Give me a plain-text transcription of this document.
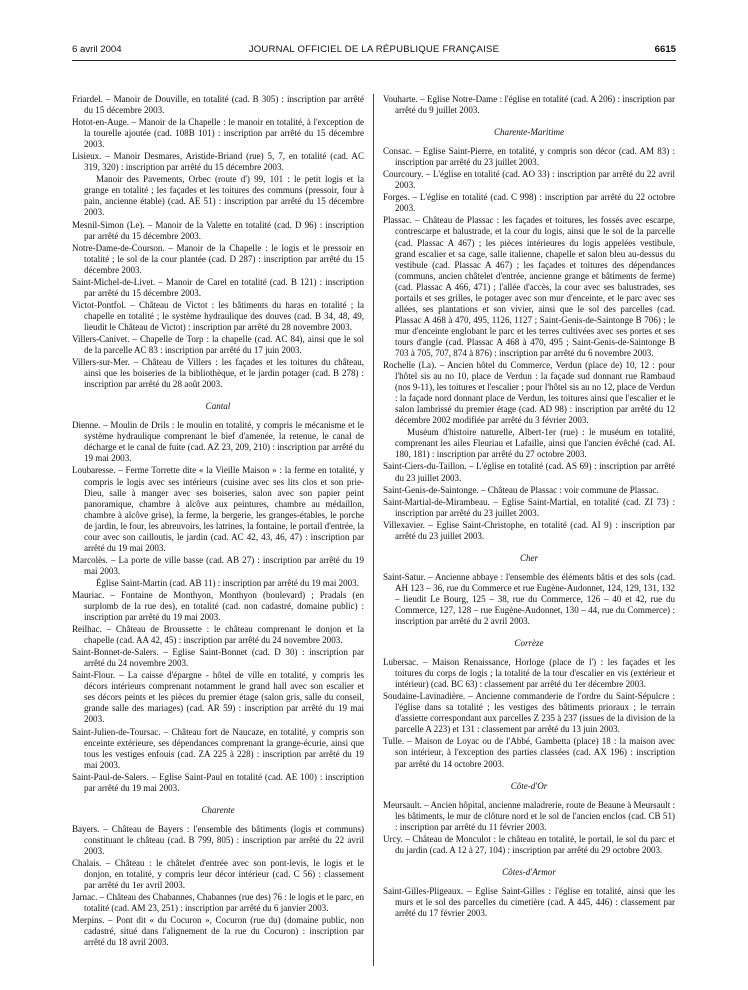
6 avril 2004	JOURNAL OFFICIEL DE LA RÉPUBLIQUE FRANÇAISE	6615

Friardel. – Manoir de Douville, en totalité (cad. B 305) : inscription par arrêté du 15 décembre 2003.

Hotot-en-Auge. – Manoir de la Chapelle : le manoir en totalité, à l'exception de la tourelle ajoutée (cad. 108B 101) : inscription par arrêté du 15 décembre 2003.

Lisieux. – Manoir Desmares, Aristide-Briand (rue) 5, 7, en totalité (cad. AC 319, 320) : inscription par arrêté du 15 décembre 2003.

Manoir des Pavements, Orbec (route d') 99, 101 : le petit logis et la grange en totalité ; les façades et les toitures des communs (pressoir, four à pain, ancienne étable) (cad. AE 51) : inscription par arrêté du 15 décembre 2003.

Mesnil-Simon (Le). – Manoir de la Valette en totalité (cad. D 96) : inscription par arrêté du 15 décembre 2003.

Notre-Dame-de-Courson. – Manoir de la Chapelle : le logis et le pressoir en totalité ; le sol de la cour plantée (cad. D 287) : inscription par arrêté du 15 décembre 2003.

Saint-Michel-de-Livet. – Manoir de Carel en totalité (cad. B 121) : inscription par arrêté du 15 décembre 2003.

Victot-Pontfol. – Château de Victot : les bâtiments du haras en totalité ; la chapelle en totalité ; le système hydraulique des douves (cad. B 34, 48, 49, lieudit le Château de Victot) : inscription par arrêté du 28 novembre 2003.

Villers-Canivet. – Chapelle de Torp : la chapelle (cad. AC 84), ainsi que le sol de la parcelle AC 83 : inscription par arrêté du 17 juin 2003.

Villers-sur-Mer. – Château de Villers : les façades et les toitures du château, ainsi que les boiseries de la bibliothèque, et le jardin potager (cad. B 278) : inscription par arrêté du 28 août 2003.

Cantal

Dienne. – Moulin de Drils : le moulin en totalité, y compris le mécanisme et le système hydraulique comprenant le bief d'amenée, la retenue, le canal de décharge et le canal de fuite (cad. AZ 23, 209, 210) : inscription par arrêté du 19 mai 2003.

Loubaresse. – Ferme Torrette dite « la Vieille Maison » : la ferme en totalité, y compris le logis avec ses intérieurs (cuisine avec ses lits clos et son prie-Dieu, salle à manger avec ses boiseries, salon avec son papier peint panoramique, chambre à alcôve aux peintures, chambre au médaillon, chambre à alcôve grise), la ferme, la bergerie, les granges-étables, le porche de jardin, le four, les abreuvoirs, les latrines, la fontaine, le portail d'entrée, la cour avec son cailloutis, le jardin (cad. AC 42, 43, 46, 47) : inscription par arrêté du 19 mai 2003.

Marcolès. – La porte de ville basse (cad. AB 27) : inscription par arrêté du 19 mai 2003.

Église Saint-Martin (cad. AB 11) : inscription par arrêté du 19 mai 2003.

Mauriac. – Fontaine de Monthyon, Monthyon (boulevard) ; Pradals (en surplomb de la rue des), en totalité (cad. non cadastré, domaine public) : inscription par arrêté du 19 mai 2003.

Reilhac. – Château de Broussette : le château comprenant le donjon et la chapelle (cad. AA 42, 45) : inscription par arrêté du 24 novembre 2003.

Saint-Bonnet-de-Salers. – Eglise Saint-Bonnet (cad. D 30) : inscription par arrêté du 24 novembre 2003.

Saint-Flour. – La caisse d'épargne - hôtel de ville en totalité, y compris les décors intérieurs comprenant notamment le grand hall avec son escalier et ses décors peints et les pièces du premier étage (salon gris, salle du conseil, grande salle des mariages) (cad. AR 59) : inscription par arrêté du 19 mai 2003.

Saint-Julien-de-Toursac. – Château fort de Naucaze, en totalité, y compris son enceinte extérieure, ses dépendances comprenant la grange-écurie, ainsi que tous les vestiges enfouis (cad. ZA 225 à 228) : inscription par arrêté du 19 mai 2003.

Saint-Paul-de-Salers. – Eglise Saint-Paul en totalité (cad. AE 100) : inscription par arrêté du 19 mai 2003.

Charente

Bayers. – Château de Bayers : l'ensemble des bâtiments (logis et communs) constituant le château (cad. B 799, 805) : inscription par arrêté du 22 avril 2003.

Chalais. – Château : le châtelet d'entrée avec son pont-levis, le logis et le donjon, en totalité, y compris leur décor intérieur (cad. C 56) : classement par arrêté du 1er avril 2003.

Jarnac. – Château des Chabannes, Chabannes (rue des) 76 : le logis et le parc, en totalité (cad. AM 23, 251) : inscription par arrêté du 6 janvier 2003.

Merpins. – Pont dit « du Cocuron », Cocuron (rue du) (domaine public, non cadastré, situé dans l'alignement de la rue du Cocuron) : inscription par arrêté du 18 avril 2003.

Vouharte. – Eglise Notre-Dame : l'église en totalité (cad. A 206) : inscription par arrêté du 9 juillet 2003.

Charente-Maritime

Consac. – Eglise Saint-Pierre, en totalité, y compris son décor (cad. AM 83) : inscription par arrêté du 23 juillet 2003.

Courcoury. – L'église en totalité (cad. AO 33) : inscription par arrêté du 22 avril 2003.

Forges. – L'église en totalité (cad. C 998) : inscription par arrêté du 22 octobre 2003.

Plassac. – Château de Plassac : les façades et toitures, les fossés avec escarpe, contrescarpe et balustrade, et la cour du logis, ainsi que le sol de la parcelle (cad. Plassac A 467) ; les pièces intérieures du logis appelées vestibule, grand escalier et sa cage, salle italienne, chapelle et salon bleu au-dessus du vestibule (cad. Plassac A 467) ; les façades et toitures des dépendances (communs, ancien châtelet d'entrée, ancienne grange et bâtiments de ferme) (cad. Plassac A 466, 471) ; l'allée d'accès, la cour avec ses balustrades, ses portails et ses grilles, le potager avec son mur d'enceinte, et le parc avec ses allées, ses plantations et son vivier, ainsi que le sol des parcelles (cad. Plassac A 468 à 470, 495, 1126, 1127 ; Saint-Genis-de-Saintonge B 706) ; le mur d'enceinte englobant le parc et les terres cultivées avec ses portes et ses tours d'angle (cad. Plassac A 468 à 470, 495 ; Saint-Genis-de-Saintonge B 703 à 705, 707, 874 à 876) : inscription par arrêté du 6 novembre 2003.

Rochelle (La). – Ancien hôtel du Commerce, Verdun (place de) 10, 12 : pour l'hôtel sis au no 10, place de Verdun : la façade sud donnant rue Rambaud (nos 9-11), les toitures et l'escalier ; pour l'hôtel sis au no 12, place de Verdun : la façade nord donnant place de Verdun, les toitures ainsi que l'escalier et le salon lambrissé du premier étage (cad. AD 98) : inscription par arrêté du 12 décembre 2002 modifiée par arrêté du 3 février 2003.

Muséum d'histoire naturelle, Albert-1er (rue) : le muséum en totalité, comprenant les ailes Fleuriau et Lafaille, ainsi que l'ancien évêché (cad. AL 180, 181) : inscription par arrêté du 27 octobre 2003.

Saint-Ciers-du-Taillon. – L'église en totalité (cad. AS 69) : inscription par arrêté du 23 juillet 2003.

Saint-Genis-de-Saintonge. – Château de Plassac : voir commune de Plassac.

Saint-Martial-de-Mirambeau. – Eglise Saint-Martial, en totalité (cad. ZI 73) : inscription par arrêté du 23 juillet 2003.

Villexavier. – Eglise Saint-Christophe, en totalité (cad. AI 9) : inscription par arrêté du 23 juillet 2003.

Cher

Saint-Satur. – Ancienne abbaye : l'ensemble des éléments bâtis et des sols (cad. AH 123 – 36, rue du Commerce et rue Eugène-Audonnet, 124, 129, 131, 132 – lieudit Le Bourg, 125 – 38, rue du Commerce, 126 – 40 et 42, rue du Commerce, 127, 128 – rue Eugène-Audonnet, 130 – 44, rue du Commerce) : inscription par arrêté du 2 avril 2003.

Corrèze

Lubersac. – Maison Renaissance, Horloge (place de l') : les façades et les toitures du corps de logis ; la totalité de la tour d'escalier en vis (extérieur et intérieur) (cad. BC 63) : classement par arrêté du 1er décembre 2003.

Soudaine-Lavinadière. – Ancienne commanderie de l'ordre du Saint-Sépulcre : l'église dans sa totalité ; les vestiges des bâtiments prioraux ; le terrain d'assiette correspondant aux parcelles Z 235 à 237 (issues de la division de la parcelle A 223) et 131 : classement par arrêté du 13 juin 2003.

Tulle. – Maison de Loyac ou de l'Abbé, Gambetta (place) 18 : la maison avec son intérieur, à l'exception des parties classées (cad. AX 196) : inscription par arrêté du 14 octobre 2003.

Côte-d'Or

Meursault. – Ancien hôpital, ancienne maladrerie, route de Beaune à Meursault : les bâtiments, le mur de clôture nord et le sol de l'ancien enclos (cad. CB 51) : inscription par arrêté du 11 février 2003.

Urcy. – Château de Monculot : le château en totalité, le portail, le sol du parc et du jardin (cad. A 12 à 27, 104) : inscription par arrêté du 29 octobre 2003.

Côtes-d'Armor

Saint-Gilles-Pligeaux. – Eglise Saint-Gilles : l'église en totalité, ainsi que les murs et le sol des parcelles du cimetière (cad. A 445, 446) : classement par arrêté du 17 février 2003.
